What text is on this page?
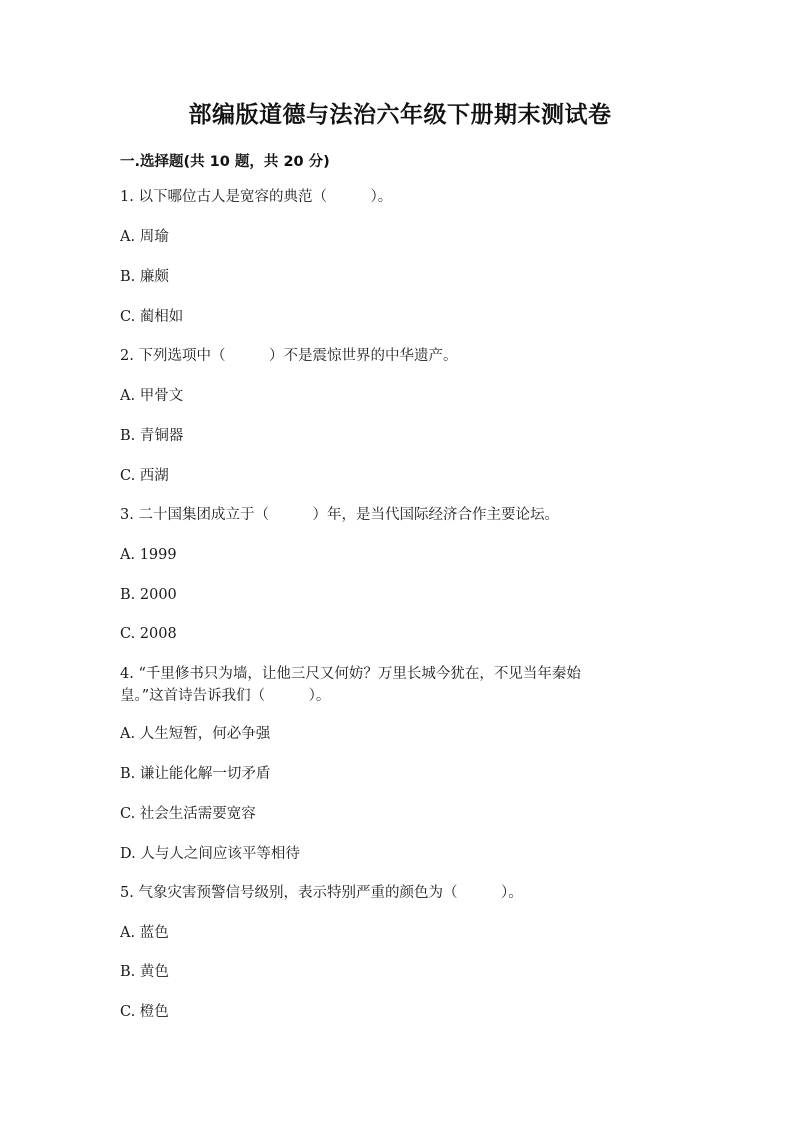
部编版道德与法治六年级下册期末测试卷
一.选择题(共 10 题，共 20 分)
1. 以下哪位古人是宽容的典范（　　　）。
A. 周瑜
B. 廉颇
C. 蔺相如
2. 下列选项中（　　　）不是震惊世界的中华遗产。
A. 甲骨文
B. 青铜器
C. 西湖
3. 二十国集团成立于（　　　）年，是当代国际经济合作主要论坛。
A. 1999
B. 2000
C. 2008
4. “千里修书只为墙，让他三尺又何妨？万里长城今犹在，不见当年秦始
皇。”这首诗告诉我们（　　　）。
A. 人生短暂，何必争强
B. 谦让能化解一切矛盾
C. 社会生活需要宽容
D. 人与人之间应该平等相待
5. 气象灾害预警信号级别，表示特别严重的颜色为（　　　）。
A. 蓝色
B. 黄色
C. 橙色
